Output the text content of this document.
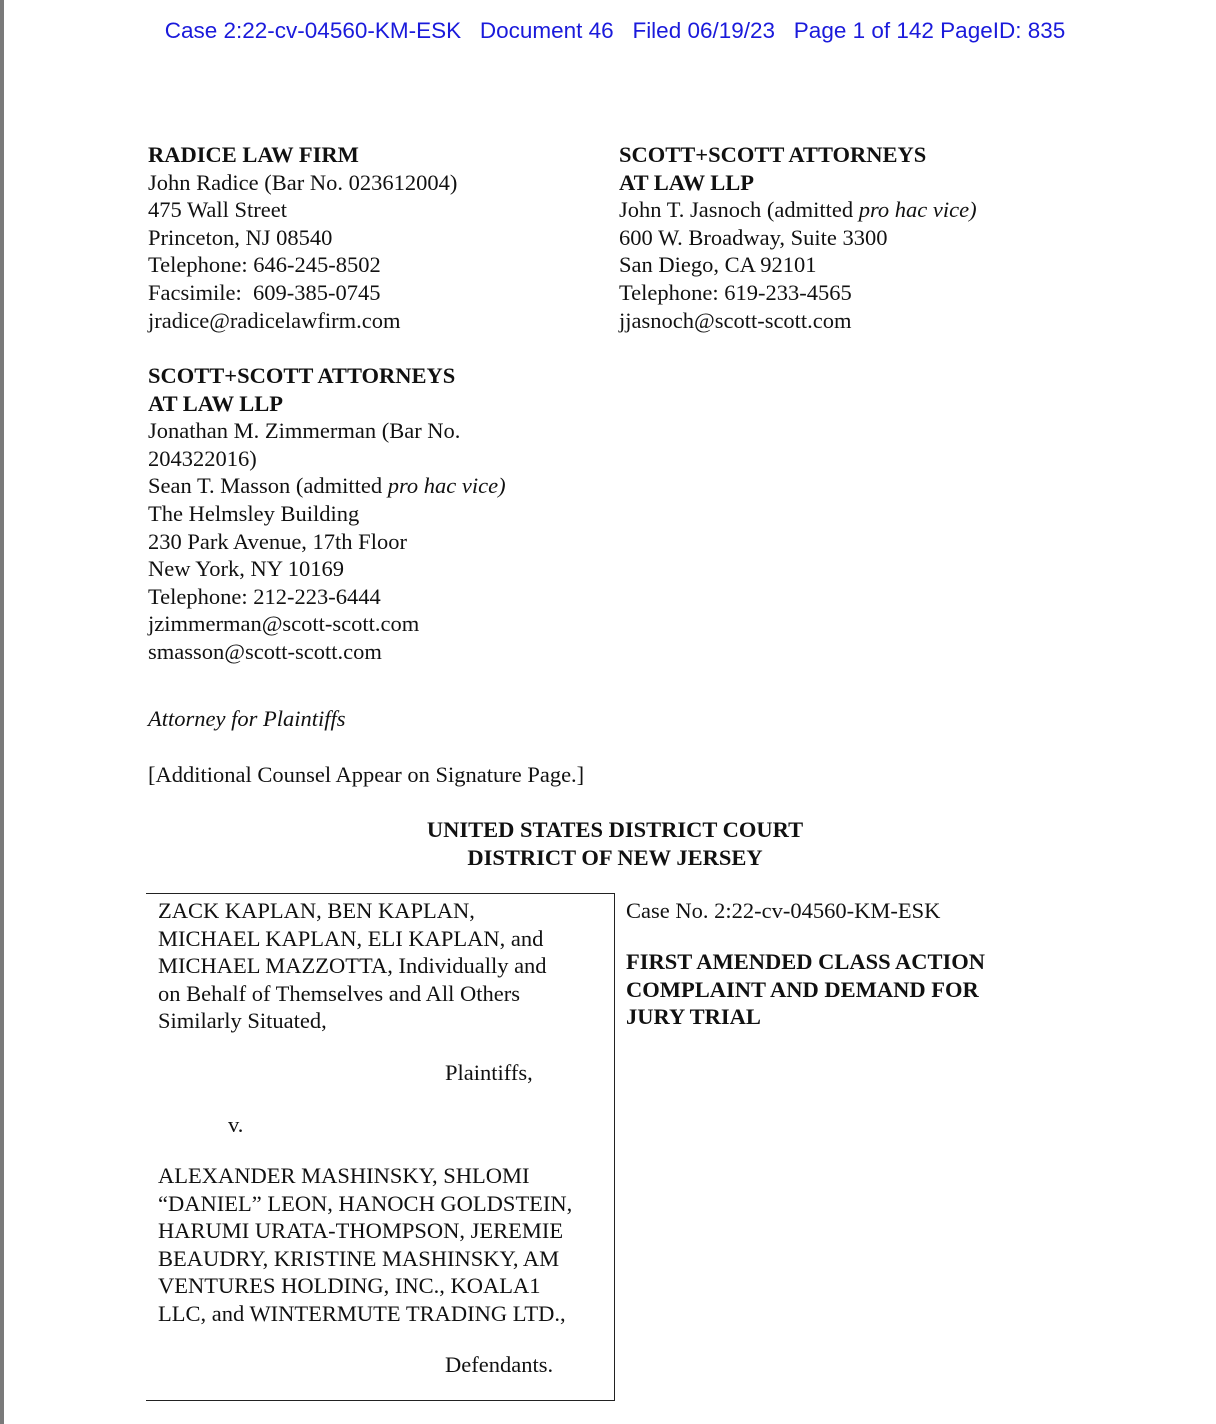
Case 2:22-cv-04560-KM-ESK   Document 46   Filed 06/19/23   Page 1 of 142 PageID: 835
RADICE LAW FIRM
John Radice (Bar No. 023612004)
475 Wall Street
Princeton, NJ 08540
Telephone: 646-245-8502
Facsimile:  609-385-0745
jradice@radicelawfirm.com
SCOTT+SCOTT ATTORNEYS
AT LAW LLP
John T. Jasnoch (admitted pro hac vice)
600 W. Broadway, Suite 3300
San Diego, CA 92101
Telephone: 619-233-4565
jjasnoch@scott-scott.com
SCOTT+SCOTT ATTORNEYS
AT LAW LLP
Jonathan M. Zimmerman (Bar No.
204322016)
Sean T. Masson (admitted pro hac vice)
The Helmsley Building
230 Park Avenue, 17th Floor
New York, NY 10169
Telephone: 212-223-6444
jzimmerman@scott-scott.com
smasson@scott-scott.com
Attorney for Plaintiffs
[Additional Counsel Appear on Signature Page.]
UNITED STATES DISTRICT COURT
DISTRICT OF NEW JERSEY
ZACK KAPLAN, BEN KAPLAN,
MICHAEL KAPLAN, ELI KAPLAN, and
MICHAEL MAZZOTTA, Individually and
on Behalf of Themselves and All Others
Similarly Situated,
Plaintiffs,
v.
ALEXANDER MASHINSKY, SHLOMI
“DANIEL” LEON, HANOCH GOLDSTEIN,
HARUMI URATA-THOMPSON, JEREMIE
BEAUDRY, KRISTINE MASHINSKY, AM
VENTURES HOLDING, INC., KOALA1
LLC, and WINTERMUTE TRADING LTD.,
Defendants.
Case No. 2:22-cv-04560-KM-ESK
FIRST AMENDED CLASS ACTION
COMPLAINT AND DEMAND FOR
JURY TRIAL
